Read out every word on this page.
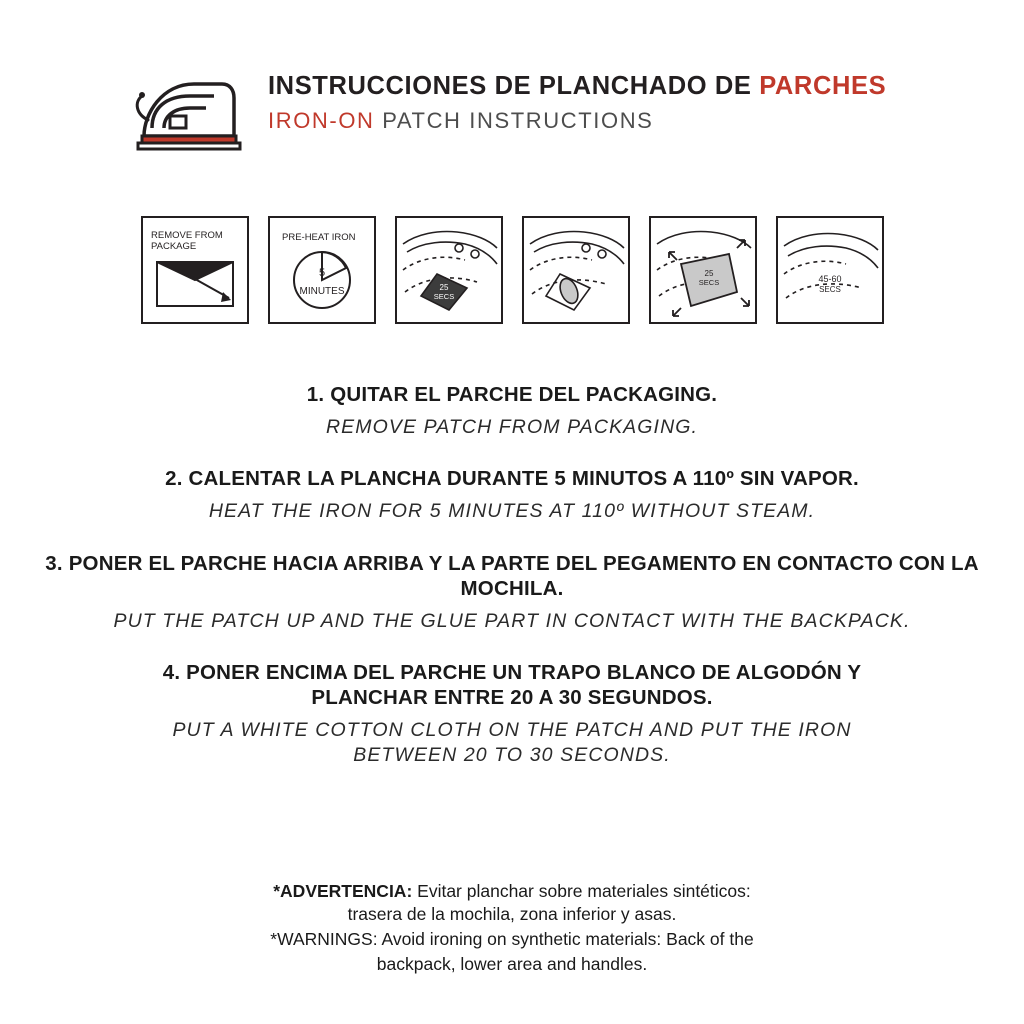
INSTRUCCIONES DE PLANCHADO DE PARCHES
IRON-ON PATCH INSTRUCTIONS
REMOVE FROM
PACKAGE
PRE-HEAT IRON
5
MINUTES	25
SECS
25
SECS	45-60
SECS
1. QUITAR EL PARCHE DEL PACKAGING.
REMOVE PATCH FROM PACKAGING.
2. CALENTAR LA PLANCHA DURANTE 5 MINUTOS A 110º SIN VAPOR.
HEAT THE IRON FOR 5 MINUTES AT 110º WITHOUT STEAM.
3. PONER EL PARCHE HACIA ARRIBA Y LA PARTE DEL PEGAMENTO EN CONTACTO CON LA MOCHILA.
PUT THE PATCH UP AND THE GLUE PART IN CONTACT WITH THE BACKPACK.
4. PONER ENCIMA DEL PARCHE UN TRAPO BLANCO DE ALGODÓN Y PLANCHAR ENTRE 20 A 30 SEGUNDOS.
PUT A WHITE COTTON CLOTH ON THE PATCH AND PUT THE IRON BETWEEN 20 TO 30 SECONDS.
*ADVERTENCIA: Evitar planchar sobre materiales sintéticos:
trasera de la mochila, zona inferior y asas.
*WARNINGS: Avoid ironing on synthetic materials: Back of the
backpack, lower area and handles.
